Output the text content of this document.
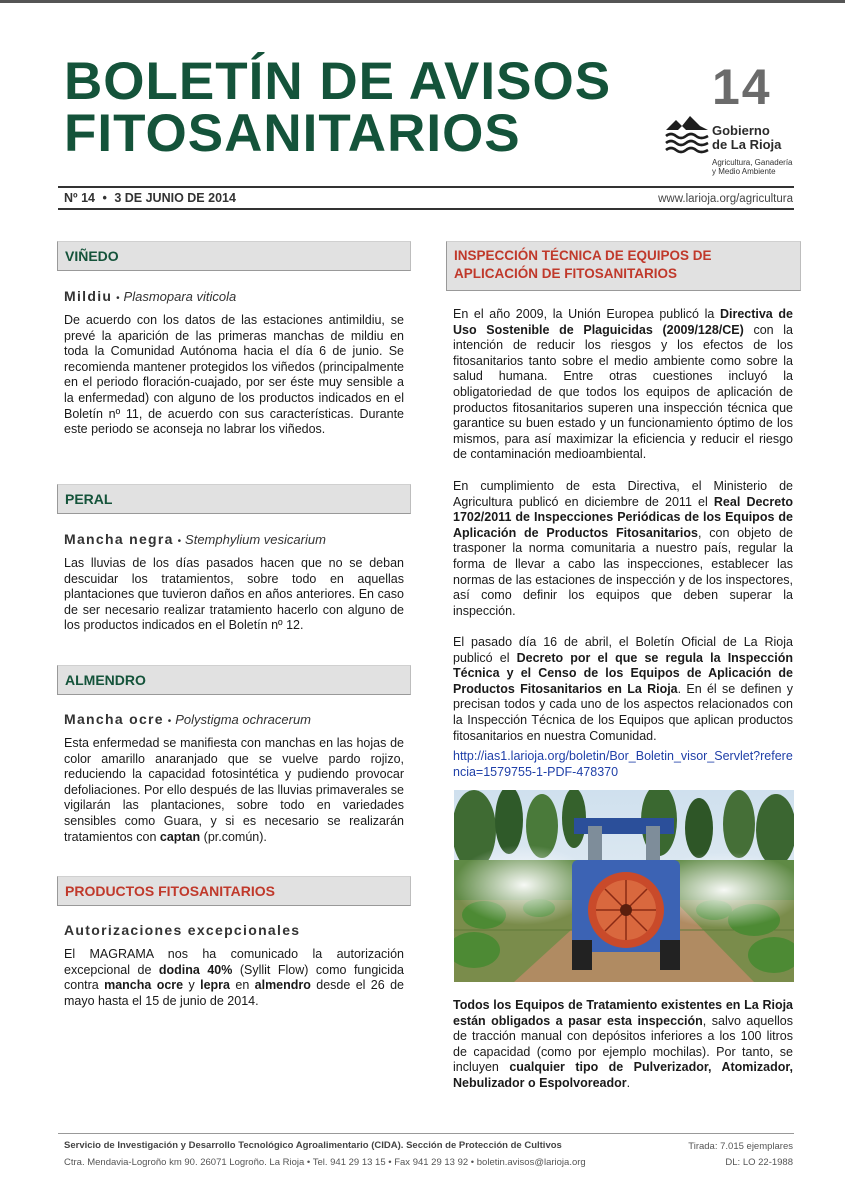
BOLETÍN DE AVISOS
FITOSANITARIOS
14
Gobierno
de La Rioja
Agricultura, Ganadería
y Medio Ambiente
Nº 14 • 3 DE JUNIO DE 2014	www.larioja.org/agricultura
VIÑEDO
Mildiu • Plasmopara viticola
De acuerdo con los datos de las estaciones antimildiu, se prevé la aparición de las primeras manchas de mildiu en toda la Comunidad Autónoma hacia el día 6 de junio. Se recomienda mantener protegidos los viñedos (principalmente en el periodo floración-cuajado, por ser éste muy sensible a la enfermedad) con alguno de los productos indicados en el Boletín nº 11, de acuerdo con sus características. Durante este periodo se aconseja no labrar los viñedos.
PERAL
Mancha negra • Stemphylium vesicarium
Las lluvias de los días pasados hacen que no se deban descuidar los tratamientos, sobre todo en aquellas plantaciones que tuvieron daños en años anteriores. En caso de ser necesario realizar tratamiento hacerlo con alguno de los productos indicados en el Boletín nº 12.
ALMENDRO
Mancha ocre • Polystigma ochracerum
Esta enfermedad se manifiesta con manchas en las hojas de color amarillo anaranjado que se vuelve pardo rojizo, reduciendo la capacidad fotosintética y pudiendo provocar defoliaciones. Por ello después de las lluvias primaverales se vigilarán las plantaciones, sobre todo en variedades sensibles como Guara, y si es necesario se realizarán tratamientos con captan (pr.común).
PRODUCTOS FITOSANITARIOS
Autorizaciones excepcionales
El MAGRAMA nos ha comunicado la autorización excepcional de dodina 40% (Syllit Flow) como fungicida contra mancha ocre y lepra en almendro desde el 26 de mayo hasta el 15 de junio de 2014.
INSPECCIÓN TÉCNICA DE EQUIPOS DE APLICACIÓN DE FITOSANITARIOS
En el año 2009, la Unión Europea publicó la Directiva de Uso Sostenible de Plaguicidas (2009/128/CE) con la intención de reducir los riesgos y los efectos de los fitosanitarios tanto sobre el medio ambiente como sobre la salud humana. Entre otras cuestiones incluyó la obligatoriedad de que todos los equipos de aplicación de productos fitosanitarios superen una inspección técnica que garantice su buen estado y un funcionamiento óptimo de los mismos, para así maximizar la eficiencia y reducir el riesgo de contaminación medioambiental.
En cumplimiento de esta Directiva, el Ministerio de Agricultura publicó en diciembre de 2011 el Real Decreto 1702/2011 de Inspecciones Periódicas de los Equipos de Aplicación de Productos Fitosanitarios, con objeto de trasponer la norma comunitaria a nuestro país, regular la forma de llevar a cabo las inspecciones, establecer las normas de las estaciones de inspección y de los inspectores, así como definir los equipos que deben superar la inspección.
El pasado día 16 de abril, el Boletín Oficial de La Rioja publicó el Decreto por el que se regula la Inspección Técnica y el Censo de los Equipos de Aplicación de Productos Fitosanitarios en La Rioja. En él se definen y precisan todos y cada uno de los aspectos relacionados con la Inspección Técnica de los Equipos que aplican productos fitosanitarios en nuestra Comunidad.
http://ias1.larioja.org/boletin/Bor_Boletin_visor_Servlet?referencia=1579755-1-PDF-478370
Todos los Equipos de Tratamiento existentes en La Rioja están obligados a pasar esta inspección, salvo aquellos de tracción manual con depósitos inferiores a los 100 litros de capacidad (como por ejemplo mochilas). Por tanto, se incluyen cualquier tipo de Pulverizador, Atomizador, Nebulizador o Espolvoreador.
Servicio de Investigación y Desarrollo Tecnológico Agroalimentario (CIDA). Sección de Protección de Cultivos
Ctra. Mendavia-Logroño km 90. 26071 Logroño. La Rioja • Tel. 941 29 13 15 • Fax 941 29 13 92 • boletin.avisos@larioja.org
Tirada: 7.015 ejemplares
DL: LO 22-1988
